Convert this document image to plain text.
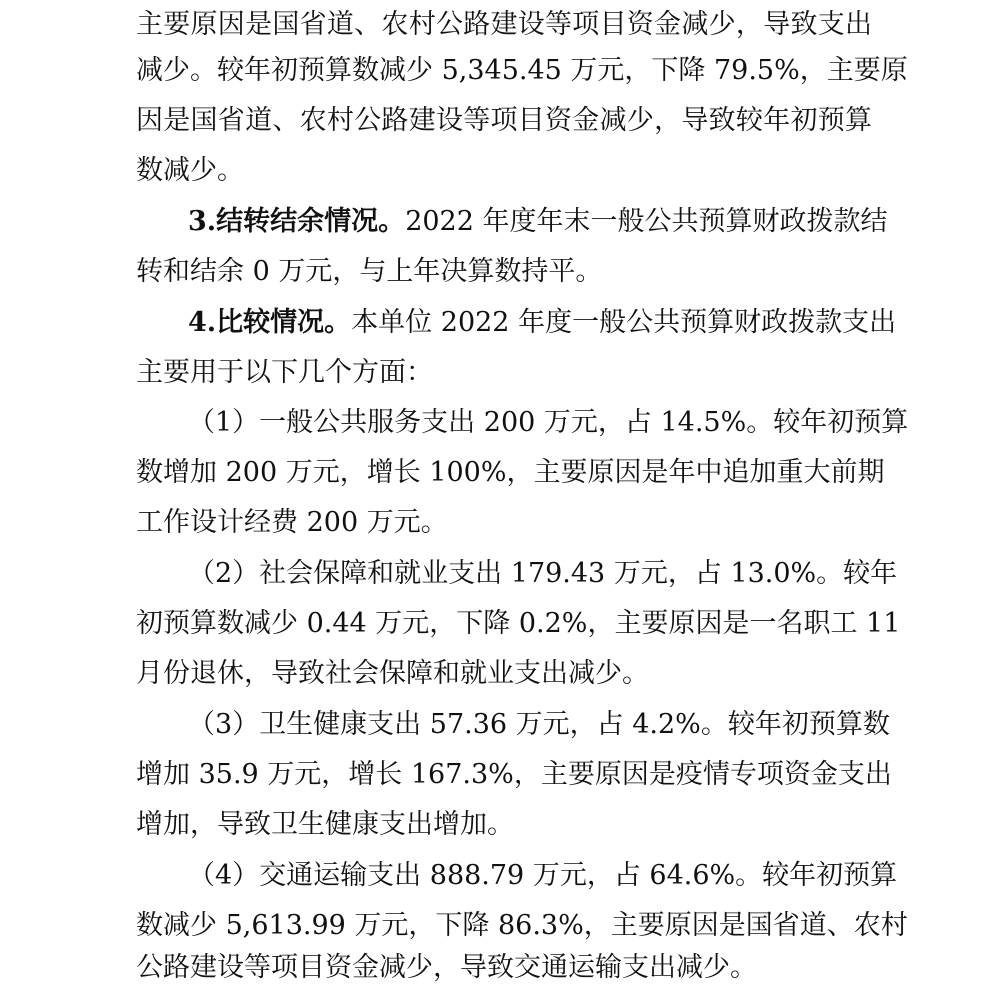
主要原因是国省道、农村公路建设等项目资金减少，导致支出
减少。较年初预算数减少 5,345.45 万元，下降 79.5%，主要原
因是国省道、农村公路建设等项目资金减少，导致较年初预算
数减少。
3.结转结余情况。2022 年度年末一般公共预算财政拨款结
转和结余 0 万元，与上年决算数持平。
4.比较情况。本单位 2022 年度一般公共预算财政拨款支出
主要用于以下几个方面：
（1）一般公共服务支出 200 万元，占 14.5%。较年初预算
数增加 200 万元，增长 100%，主要原因是年中追加重大前期
工作设计经费 200 万元。
（2）社会保障和就业支出 179.43 万元，占 13.0%。较年
初预算数减少 0.44 万元，下降 0.2%，主要原因是一名职工 11
月份退休，导致社会保障和就业支出减少。
（3）卫生健康支出 57.36 万元，占 4.2%。较年初预算数
增加 35.9 万元，增长 167.3%，主要原因是疫情专项资金支出
增加，导致卫生健康支出增加。
（4）交通运输支出 888.79 万元，占 64.6%。较年初预算
数减少 5,613.99 万元，下降 86.3%，主要原因是国省道、农村
公路建设等项目资金减少，导致交通运输支出减少。
